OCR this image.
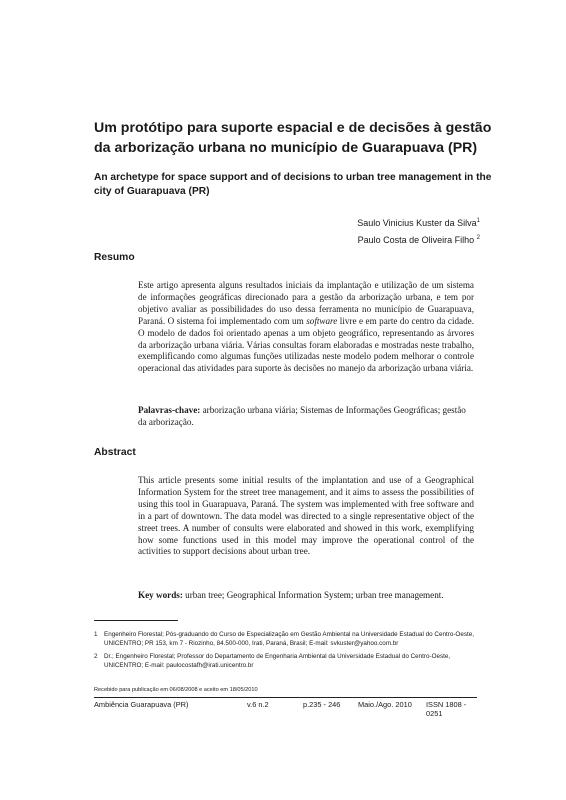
Um protótipo para suporte espacial e de decisões à gestão da arborização urbana no município de Guarapuava (PR)
An archetype for space support and of decisions to urban tree management in the city of Guarapuava (PR)
Saulo Vinicius Kuster da Silva$^1$
Paulo Costa de Oliveira Filho $^2$
Resumo
Este artigo apresenta alguns resultados iniciais da implantação e utilização de um sistema de informações geográficas direcionado para a gestão da arborização urbana, e tem por objetivo avaliar as possibilidades do uso dessa ferramenta no município de Guarapuava, Paraná. O sistema foi implementado com um software livre e em parte do centro da cidade. O modelo de dados foi orientado apenas a um objeto geográfico, representando as árvores da arborização urbana viária. Várias consultas foram elaboradas e mostradas neste trabalho, exemplificando como algumas funções utilizadas neste modelo podem melhorar o controle operacional das atividades para suporte às decisões no manejo da arborização urbana viária.
Palavras-chave: arborização urbana viária; Sistemas de Informações Geográficas; gestão da arborização.
Abstract
This article presents some initial results of the implantation and use of a Geographical Information System for the street tree management, and it aims to assess the possibilities of using this tool in Guarapuava, Paraná. The system was implemented with free software and in a part of downtown. The data model was directed to a single representative object of the street trees. A number of consults were elaborated and showed in this work, exemplifying how some functions used in this model may improve the operational control of the activities to support decisions about urban tree.
Key words: urban tree; Geographical Information System; urban tree management.
1 Engenheiro Florestal; Pós-graduando do Curso de Especialização em Gestão Ambiental na Universidade Estadual do Centro-Oeste, UNICENTRO; PR 153, km 7 - Riozinho, 84.500-000, Irati, Paraná, Brasil; E-mail: svkuster@yahoo.com.br
2 Dr.; Engenheiro Florestal; Professor do Departamento de Engenharia Ambiental da Universidade Estadual do Centro-Oeste, UNICENTRO; E-mail: paulocostafh@irati.unicentro.br
Recebido para publicação em 06/08/2008 e aceito em 18/05/2010
Ambiência Guarapuava (PR)	v.6 n.2	p.235 - 246	Maio./Ago. 2010	ISSN 1808 - 0251
